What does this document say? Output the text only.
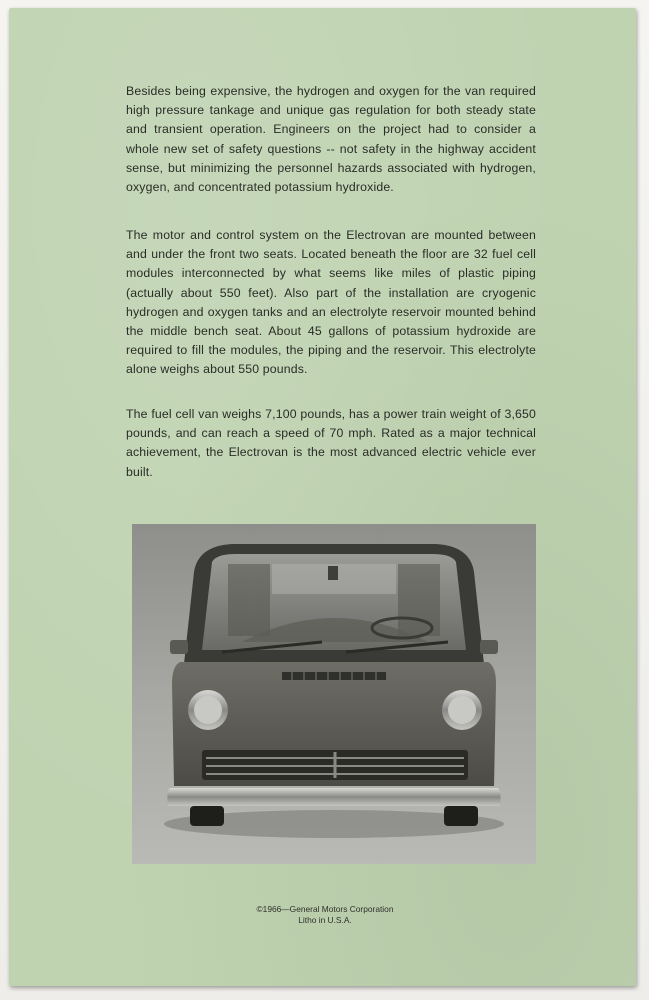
Besides being expensive, the hydrogen and oxygen for the van required high pressure tankage and unique gas regulation for both steady state and transient operation. Engineers on the project had to consider a whole new set of safety questions -- not safety in the highway accident sense, but minimizing the personnel hazards associated with hydrogen, oxygen, and concentrated potassium hydroxide.

The motor and control system on the Electrovan are mounted between and under the front two seats. Located beneath the floor are 32 fuel cell modules interconnected by what seems like miles of plastic piping (actually about 550 feet). Also part of the installation are cryogenic hydrogen and oxygen tanks and an electrolyte reservoir mounted behind the middle bench seat. About 45 gallons of potassium hydroxide are required to fill the modules, the piping and the reservoir. This electrolyte alone weighs about 550 pounds.

The fuel cell van weighs 7,100 pounds, has a power train weight of 3,650 pounds, and can reach a speed of 70 mph. Rated as a major technical achievement, the Electrovan is the most advanced electric vehicle ever built.

©1966—General Motors Corporation
Litho in U.S.A.
